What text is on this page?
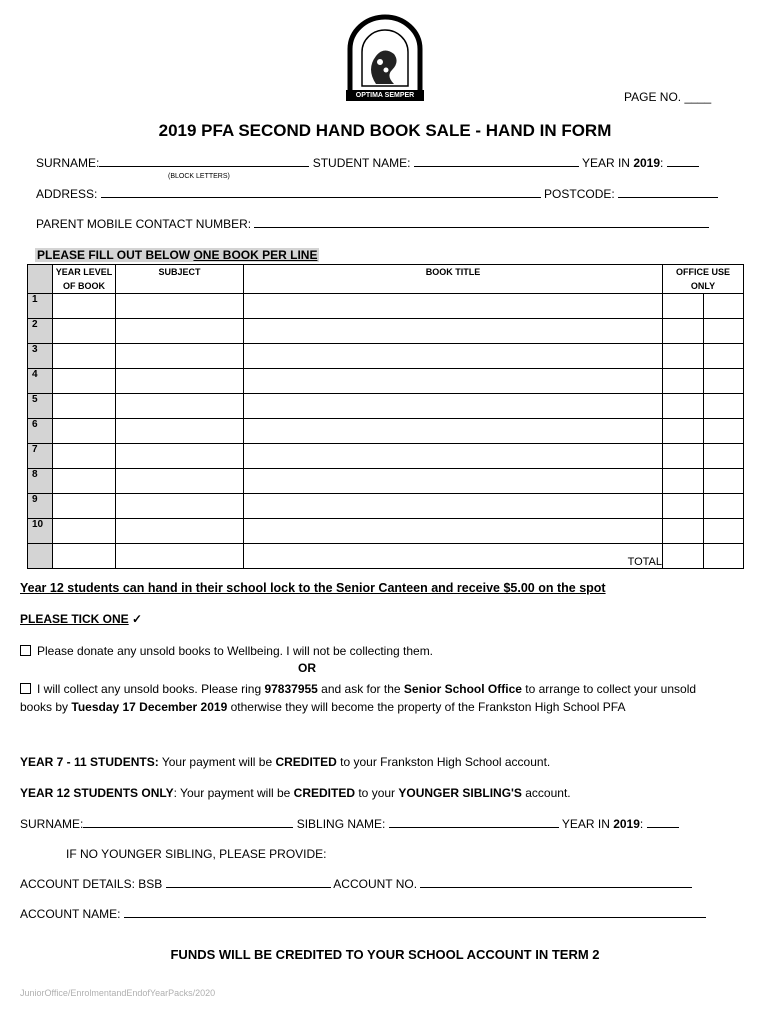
OPTIMA SEMPER	PAGE NO. ____
2019 PFA SECOND HAND BOOK SALE - HAND IN FORM
SURNAME:	STUDENT NAME:	YEAR IN 2019:
(BLOCK LETTERS)
ADDRESS:	POSTCODE:
PARENT MOBILE CONTACT NUMBER:
PLEASE FILL OUT BELOW ONE BOOK PER LINE

	YEAR LEVEL OF BOOK	SUBJECT	BOOK TITLE	OFFICE USE ONLY	

1					
2					
3					
4					
5					
6					
7					
8					
9					
10					
			TOTAL		
Year 12 students can hand in their school lock to the Senior Canteen and receive $5.00 on the spot
PLEASE TICK ONE ✓
Please donate any unsold books to Wellbeing. I will not be collecting them.
OR
I will collect any unsold books. Please ring 97837955 and ask for the Senior School Office to arrange to collect your unsold books by Tuesday 17 December 2019 otherwise they will become the property of the Frankston High School PFA
YEAR 7 - 11 STUDENTS: Your payment will be CREDITED to your Frankston High School account.
YEAR 12 STUDENTS ONLY: Your payment will be CREDITED to your YOUNGER SIBLING'S account.
SURNAME:	SIBLING NAME:	YEAR IN 2019:
IF NO YOUNGER SIBLING, PLEASE PROVIDE:
ACCOUNT DETAILS: BSB	ACCOUNT NO.
ACCOUNT NAME:
FUNDS WILL BE CREDITED TO YOUR SCHOOL ACCOUNT IN TERM 2
JuniorOffice/EnrolmentandEndofYearPacks/2020
